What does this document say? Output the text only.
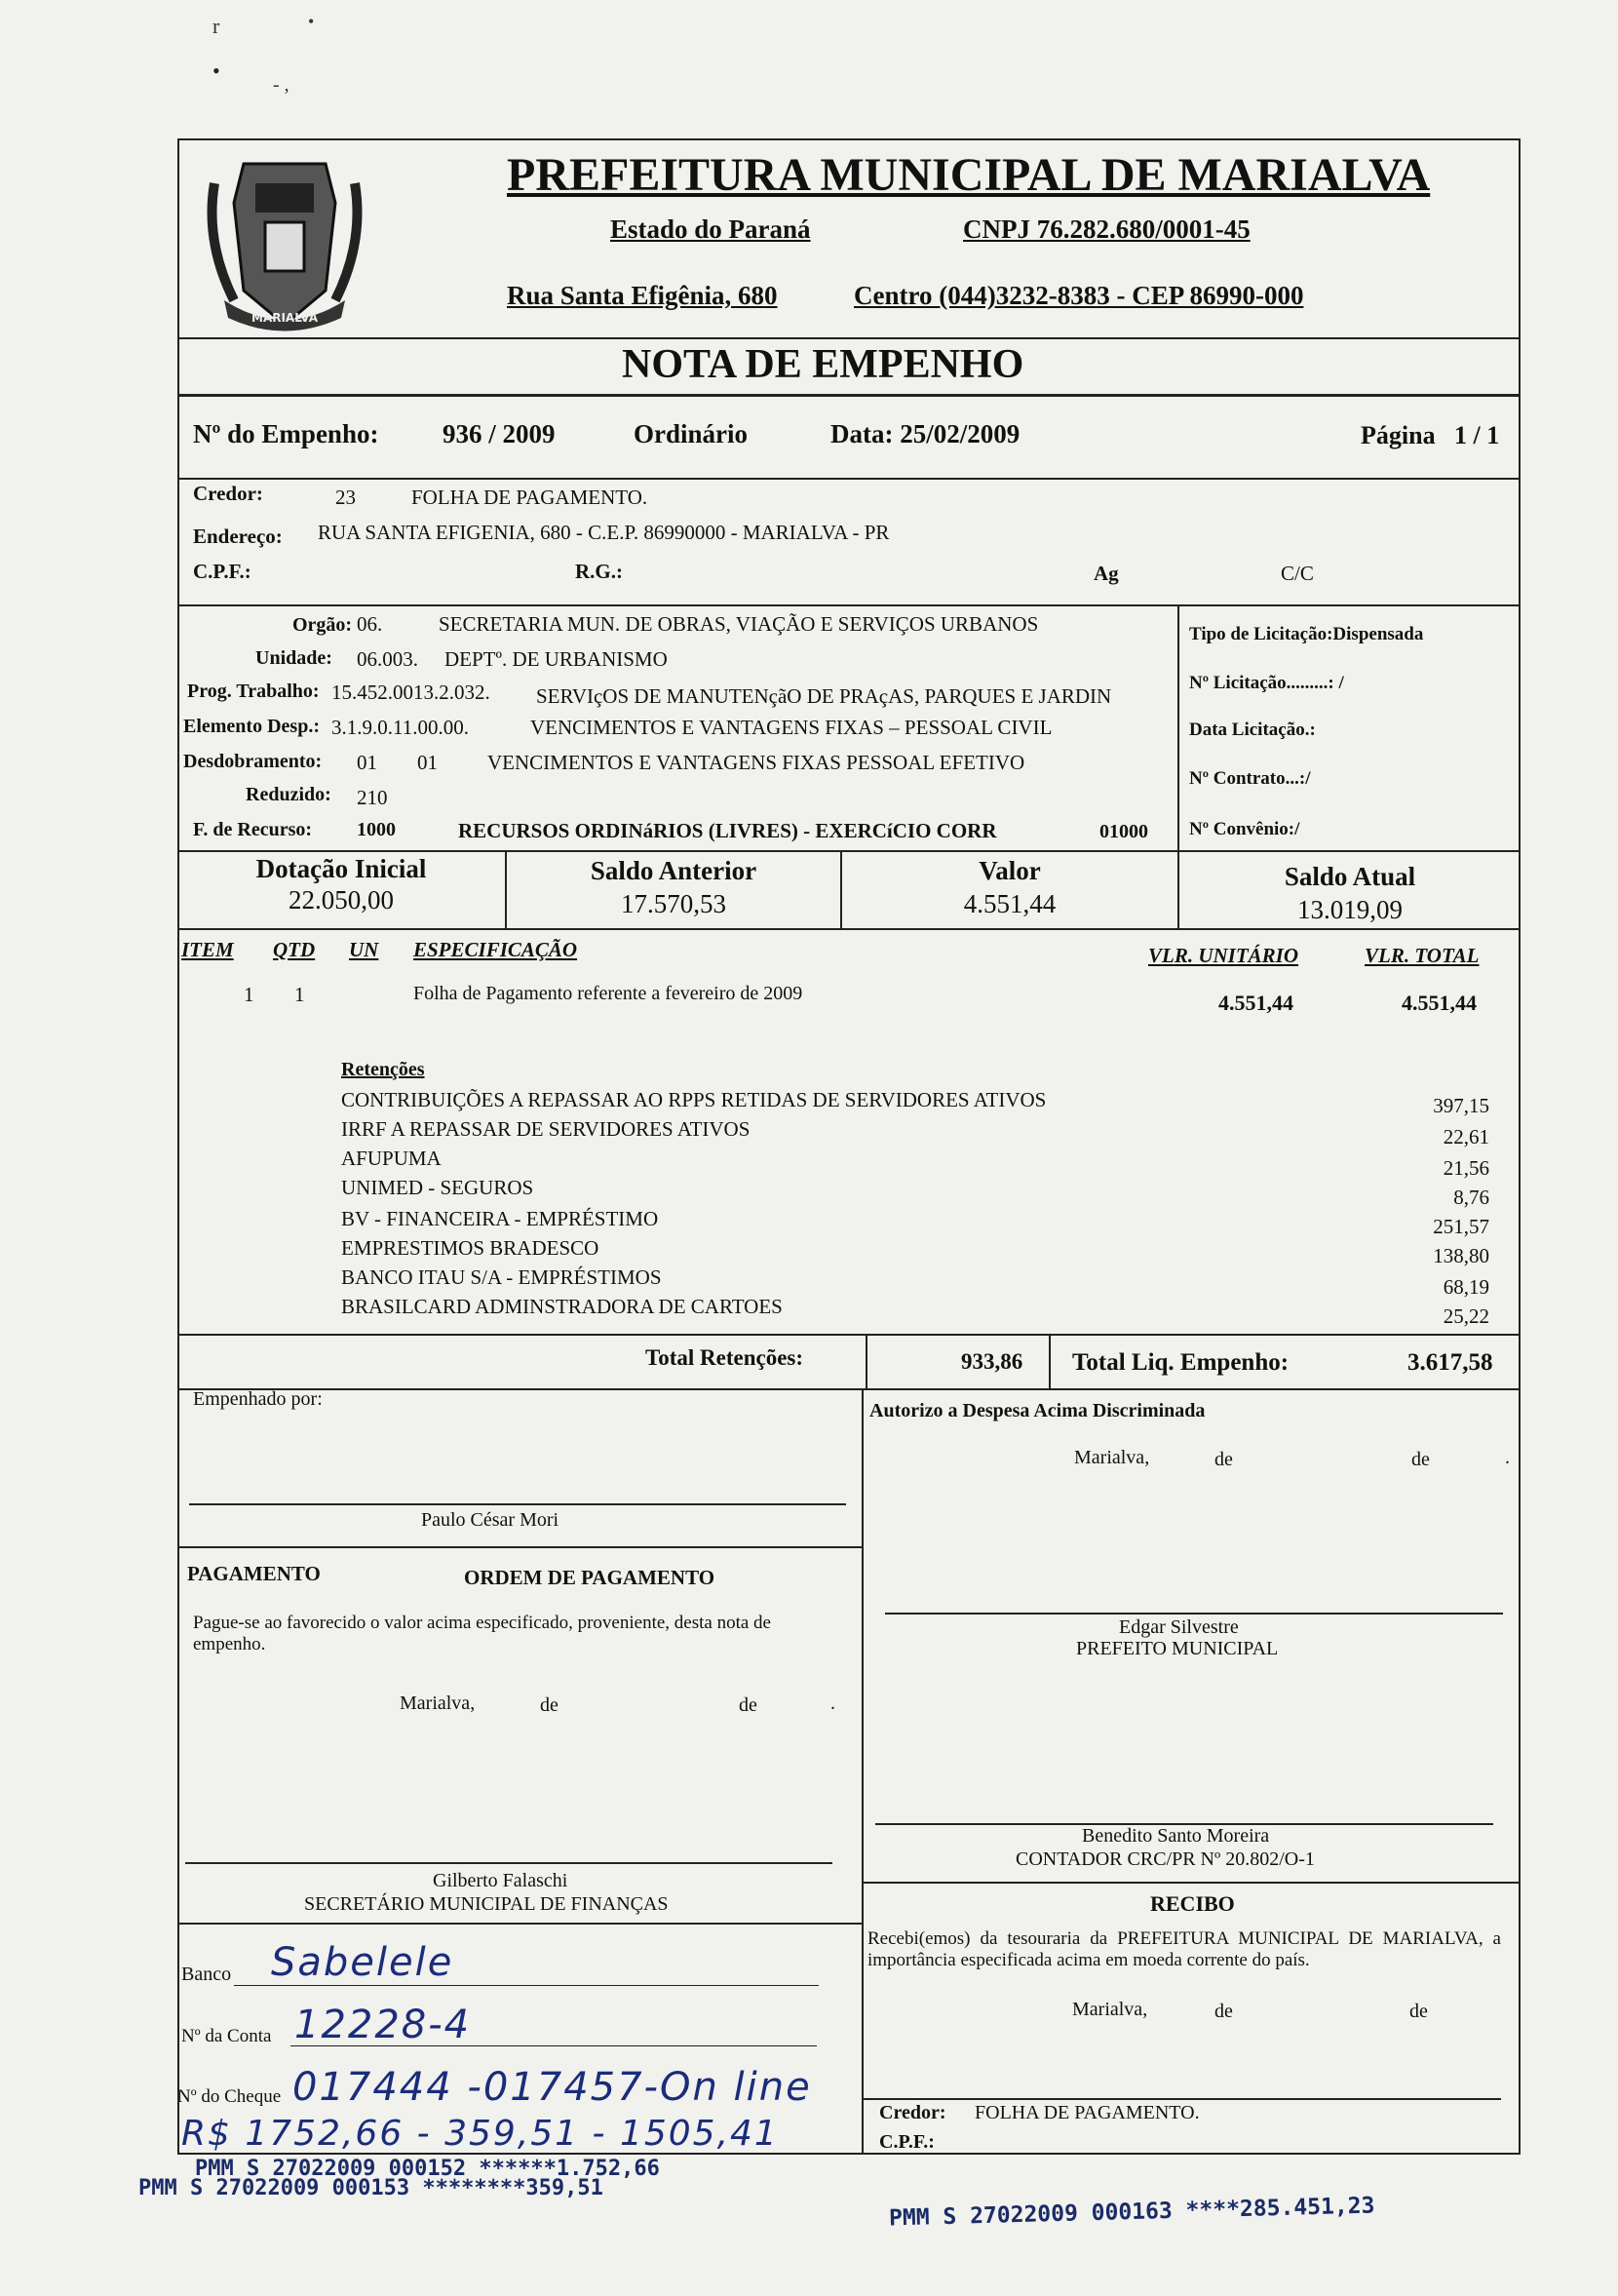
r	•
•
- ,
MARIALVA
PREFEITURA MUNICIPAL DE MARIALVA
Estado do Paraná	CNPJ 76.282.680/0001-45
Rua Santa Efigênia, 680	Centro (044)3232-8383 - CEP 86990-000
NOTA DE EMPENHO
Nº do Empenho: 936 / 2009	Ordinário	Data: 25/02/2009	Página 1 / 1
Credor:	23	FOLHA DE PAGAMENTO.
Endereço: RUA SANTA EFIGENIA, 680 - C.E.P. 86990000 - MARIALVA - PR
C.P.F.:	R.G.:	Ag	C/C
Orgão: 06.	SECRETARIA MUN. DE OBRAS, VIAÇÃO E SERVIÇOS URBANOS
Unidade: 06.003. DEPTº. DE URBANISMO
Prog. Trabalho: 15.452.0013.2.032. SERVIçOS DE MANUTENçãO DE PRAçAS, PARQUES E JARDIN
Elemento Desp.: 3.1.9.0.11.00.00.	VENCIMENTOS E VANTAGENS FIXAS – PESSOAL CIVIL
Desdobramento: 01 01 VENCIMENTOS E VANTAGENS FIXAS PESSOAL EFETIVO
Reduzido: 210
F. de Recurso: 1000	RECURSOS ORDINáRIOS (LIVRES) - EXERCíCIO CORR	01000
Tipo de Licitação:Dispensada
Nº Licitação.........: /
Data Licitação.:
Nº Contrato...:/
Nº Convênio:/
Dotação Inicial
22.050,00
Saldo Anterior
17.570,53
Valor
4.551,44
Saldo Atual
13.019,09
ITEM QTD UN ESPECIFICAÇÃO	VLR. UNITÁRIO	VLR. TOTAL
1 1	Folha de Pagamento referente a fevereiro de 2009	4.551,44	4.551,44
Retenções
CONTRIBUIÇÕES A REPASSAR AO RPPS RETIDAS DE SERVIDORES ATIVOS	397,15
IRRF A REPASSAR DE SERVIDORES ATIVOS	22,61
AFUPUMA	21,56
UNIMED - SEGUROS	8,76
BV - FINANCEIRA - EMPRÉSTIMO	251,57
EMPRESTIMOS BRADESCO	138,80
BANCO ITAU S/A - EMPRÉSTIMOS	68,19
BRASILCARD ADMINSTRADORA DE CARTOES	25,22
Total Retenções:	933,86 Total Liq. Empenho:	3.617,58
Empenhado por:
Paulo César Mori
Autorizo a Despesa Acima Discriminada
Marialva,	de	de	.
PAGAMENTO	ORDEM DE PAGAMENTO
Pague-se ao favorecido o valor acima especificado, proveniente, desta nota de empenho.
Marialva,	de	de	.
Edgar Silvestre
PREFEITO MUNICIPAL
Benedito Santo Moreira
CONTADOR CRC/PR Nº 20.802/O-1
Gilberto Falaschi
SECRETÁRIO MUNICIPAL DE FINANÇAS	RECIBO
Recebi(emos) da tesouraria da PREFEITURA MUNICIPAL DE MARIALVA, a importância especificada acima em moeda corrente do país.
Marialva,	de	de
Credor: FOLHA DE PAGAMENTO.
C.P.F.:
Banco Sabelele
Nº da Conta 12228-4
Nº do Cheque 017444 -017457-On line
R$ 1752,66 - 359,51 - 1505,41
PMM S 27022009 000152 ******1.752,66
PMM S 27022009 000153 ********359,51
PMM S 27022009 000163 ****285.451,23
